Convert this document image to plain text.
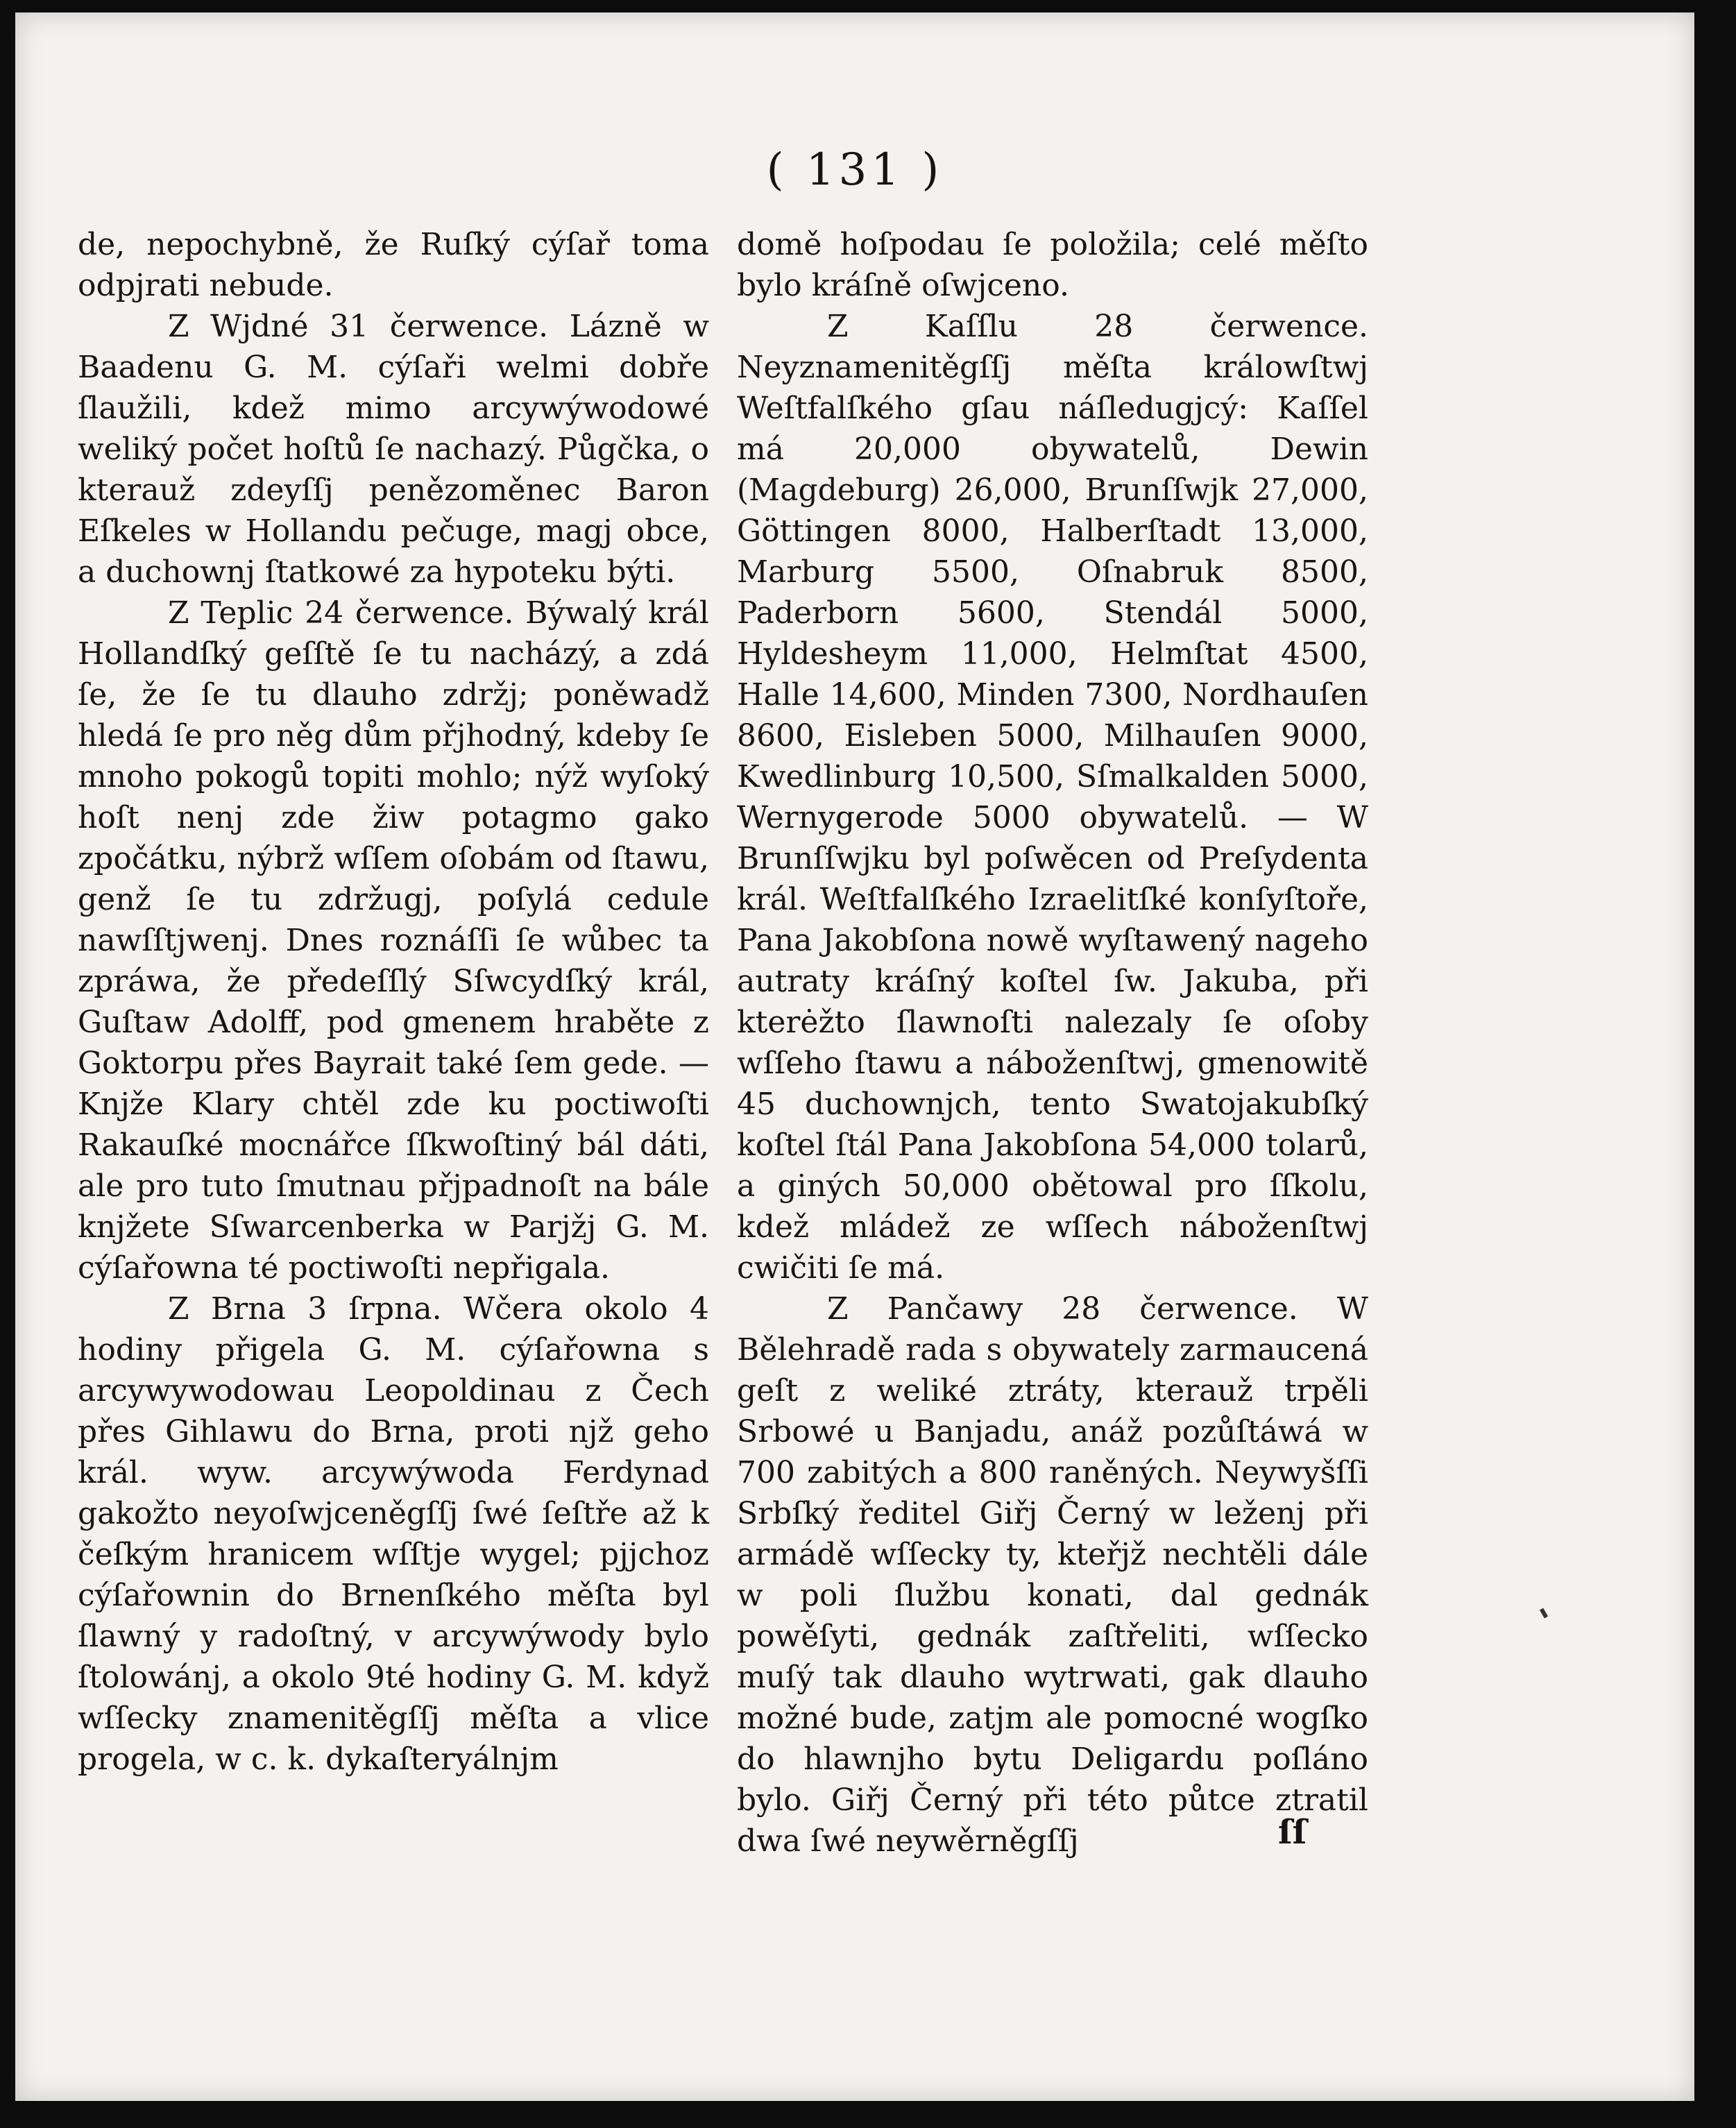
( 131 )

de, nepochybně, že Ruſký cýſař toma odpjrati nebude.

Z Wjdné 31 čerwence. Lázně w Baadenu G. M. cýſaři welmi dobře ſlaužili, kdež mimo arcywýwodowé weliký počet hoſtů ſe nachazý. Půgčka, o kterauž zdeyſſj penězoměnec Baron Eſkeles w Hollandu pečuge, magj obce, a duchownj ſtatkowé za hypoteku býti.

Z Teplic 24 čerwence. Býwalý král Hollandſký geſſtě ſe tu nacházý, a zdá ſe, že ſe tu dlauho zdržj; poněwadž hledá ſe pro něg dům přjhodný, kdeby ſe mnoho pokogů topiti mohlo; nýž wyſoký hoſt nenj zde žiw potagmo gako zpočátku, nýbrž wſſem oſobám od ſtawu, genž ſe tu zdržugj, poſylá cedule nawſſtjwenj. Dnes roznáſſi ſe wůbec ta zpráwa, že předeſſlý Sſwcydſký král, Guſtaw Adolff, pod gmenem hraběte z Goktorpu přes Bayrait také ſem gede. — Knjže Klary chtěl zde ku poctiwoſti Rakauſké mocnářce ſſkwoſtiný bál dáti, ale pro tuto ſmutnau přjpadnoſt na bále knjžete Sſwarcenberka w Parjžj G. M. cýſařowna té poctiwoſti nepřigala.

Z Brna 3 ſrpna. Wčera okolo 4 hodiny přigela G. M. cýſařowna s arcywywodowau Leopoldinau z Čech přes Gihlawu do Brna, proti njž geho král. wyw. arcywýwoda Ferdynad gakožto neyoſwjceněgſſj ſwé ſeſtře až k čeſkým hranicem wſſtje wygel; pjjchoz cýſařownin do Brnenſkého měſta byl ſlawný y radoſtný, v arcywýwody bylo ſtolowánj, a okolo 9té hodiny G. M. když wſſecky znamenitěgſſj měſta a vlice progela, w c. k. dykaſteryálnjm

domě hoſpodau ſe položila; celé měſto bylo kráſně oſwjceno.

Z Kaſſlu 28 čerwence. Neyznamenitěgſſj měſta králowſtwj Weſtfalſkého gſau náſledugjcý: Kaſſel má 20,000 obywatelů, Dewin (Magdeburg) 26,000, Brunſſwjk 27,000, Göttingen 8000, Halberſtadt 13,000, Marburg 5500, Oſnabruk 8500, Paderborn 5600, Stendál 5000, Hyldesheym 11,000, Helmſtat 4500, Halle 14,600, Minden 7300, Nordhauſen 8600, Eisleben 5000, Milhauſen 9000, Kwedlinburg 10,500, Sſmalkalden 5000, Wernygerode 5000 obywatelů. — W Brunſſwjku byl poſwěcen od Preſydenta král. Weſtfalſkého Izraelitſké konſyſtoře, Pana Jakobſona nowě wyſtawený nageho autraty kráſný koſtel ſw. Jakuba, při kterėžto ſlawnoſti nalezaly ſe oſoby wſſeho ſtawu a náboženſtwj, gmenowitě 45 duchownjch, tento Swatojakubſký koſtel ſtál Pana Jakobſona 54,000 tolarů, a giných 50,000 obětowal pro ſſkolu, kdež mládež ze wſſech náboženſtwj cwičiti ſe má.

Z Pančawy 28 čerwence. W Bělehradě rada s obywately zarmaucená geſt z weliké ztráty, kterauž trpěli Srbowé u Banjadu, anáž pozůſtáwá w 700 zabitých a 800 raněných. Neywyšſſi Srbſký ředitel Giřj Černý w leženj při armádě wſſecky ty, kteřjž nechtěli dále w poli ſlužbu konati, dal gednák powěſyti, gednák zaſtřeliti, wſſecko muſý tak dlauho wytrwati, gak dlauho možné bude, zatjm ale pomocné wogſko do hlawnjho bytu Deligardu poſláno bylo. Giřj Černý při této půtce ztratil dwa ſwé neywěrněgſſj	ſſ
